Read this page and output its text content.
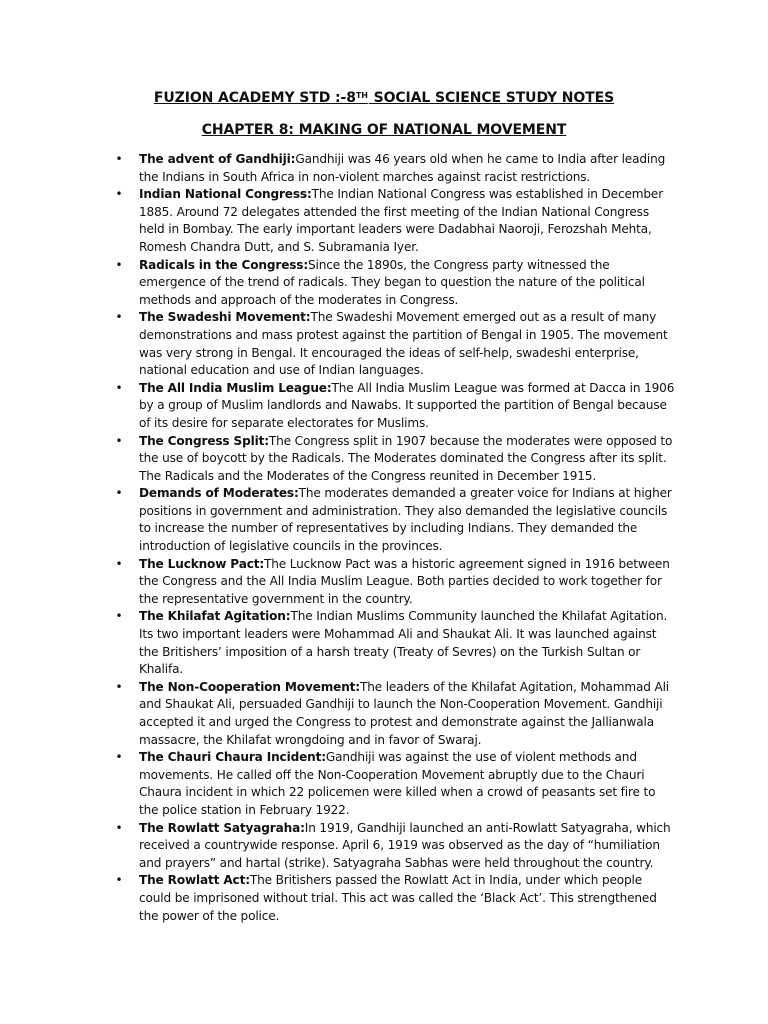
FUZION ACADEMY STD :-8TH SOCIAL SCIENCE STUDY NOTES
CHAPTER 8: MAKING OF NATIONAL MOVEMENT
• The advent of Gandhiji:Gandhiji was 46 years old when he came to India after leading the Indians in South Africa in non-violent marches against racist restrictions.
• Indian National Congress:The Indian National Congress was established in December 1885. Around 72 delegates attended the first meeting of the Indian National Congress held in Bombay. The early important leaders were Dadabhai Naoroji, Ferozshah Mehta, Romesh Chandra Dutt, and S. Subramania Iyer.
• Radicals in the Congress:Since the 1890s, the Congress party witnessed the emergence of the trend of radicals. They began to question the nature of the political methods and approach of the moderates in Congress.
• The Swadeshi Movement:The Swadeshi Movement emerged out as a result of many demonstrations and mass protest against the partition of Bengal in 1905. The movement was very strong in Bengal. It encouraged the ideas of self-help, swadeshi enterprise, national education and use of Indian languages.
• The All India Muslim League:The All India Muslim League was formed at Dacca in 1906 by a group of Muslim landlords and Nawabs. It supported the partition of Bengal because of its desire for separate electorates for Muslims.
• The Congress Split:The Congress split in 1907 because the moderates were opposed to the use of boycott by the Radicals. The Moderates dominated the Congress after its split. The Radicals and the Moderates of the Congress reunited in December 1915.
• Demands of Moderates:The moderates demanded a greater voice for Indians at higher positions in government and administration. They also demanded the legislative councils to increase the number of representatives by including Indians. They demanded the introduction of legislative councils in the provinces.
• The Lucknow Pact:The Lucknow Pact was a historic agreement signed in 1916 between the Congress and the All India Muslim League. Both parties decided to work together for the representative government in the country.
• The Khilafat Agitation:The Indian Muslims Community launched the Khilafat Agitation. Its two important leaders were Mohammad Ali and Shaukat Ali. It was launched against the Britishers’ imposition of a harsh treaty (Treaty of Sevres) on the Turkish Sultan or Khalifa.
• The Non-Cooperation Movement:The leaders of the Khilafat Agitation, Mohammad Ali and Shaukat Ali, persuaded Gandhiji to launch the Non-Cooperation Movement. Gandhiji accepted it and urged the Congress to protest and demonstrate against the Jallianwala massacre, the Khilafat wrongdoing and in favor of Swaraj.
• The Chauri Chaura Incident:Gandhiji was against the use of violent methods and movements. He called off the Non-Cooperation Movement abruptly due to the Chauri Chaura incident in which 22 policemen were killed when a crowd of peasants set fire to the police station in February 1922.
• The Rowlatt Satyagraha:In 1919, Gandhiji launched an anti-Rowlatt Satyagraha, which received a countrywide response. April 6, 1919 was observed as the day of “humiliation and prayers” and hartal (strike). Satyagraha Sabhas were held throughout the country.
• The Rowlatt Act:The Britishers passed the Rowlatt Act in India, under which people could be imprisoned without trial. This act was called the ‘Black Act’. This strengthened the power of the police.
